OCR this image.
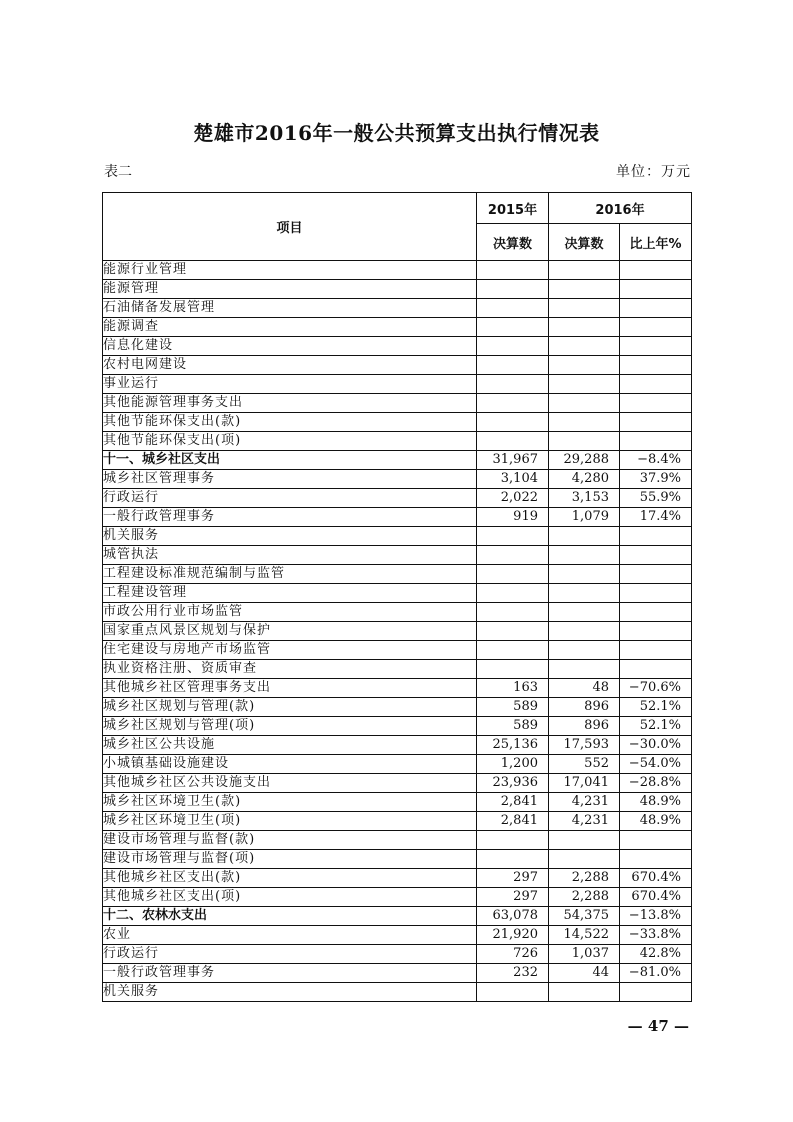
楚雄市2016年一般公共预算支出执行情况表
表二	单位：万元
项目	2015年	2016年	
	决算数	决算数	比上年%
能源行业管理			
能源管理			
石油储备发展管理			
能源调查			
信息化建设			
农村电网建设			
事业运行			
其他能源管理事务支出			
其他节能环保支出(款)			
其他节能环保支出(项)			
十一、城乡社区支出	31,967	29,288	−8.4%
城乡社区管理事务	3,104	4,280	37.9%
行政运行	2,022	3,153	55.9%
一般行政管理事务	919	1,079	17.4%
机关服务			
城管执法			
工程建设标准规范编制与监管			
工程建设管理			
市政公用行业市场监管			
国家重点风景区规划与保护			
住宅建设与房地产市场监管			
执业资格注册、资质审查			
其他城乡社区管理事务支出	163	48	−70.6%
城乡社区规划与管理(款)	589	896	52.1%
城乡社区规划与管理(项)	589	896	52.1%
城乡社区公共设施	25,136	17,593	−30.0%
小城镇基础设施建设	1,200	552	−54.0%
其他城乡社区公共设施支出	23,936	17,041	−28.8%
城乡社区环境卫生(款)	2,841	4,231	48.9%
城乡社区环境卫生(项)	2,841	4,231	48.9%
建设市场管理与监督(款)			
建设市场管理与监督(项)			
其他城乡社区支出(款)	297	2,288	670.4%
其他城乡社区支出(项)	297	2,288	670.4%
十二、农林水支出	63,078	54,375	−13.8%
农业	21,920	14,522	−33.8%
行政运行	726	1,037	42.8%
一般行政管理事务	232	44	−81.0%
机关服务			
— 47 —
